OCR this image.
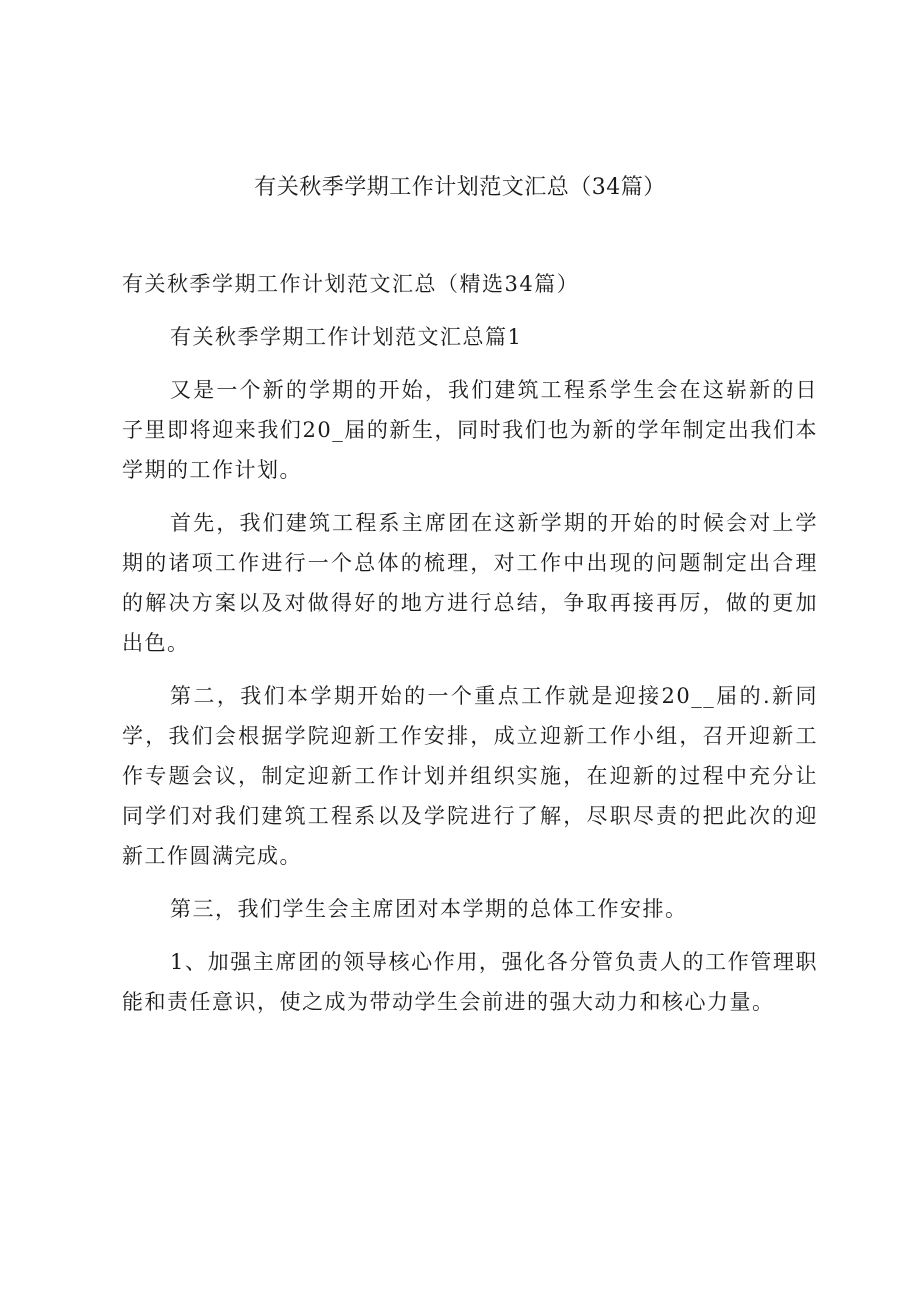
有关秋季学期工作计划范文汇总（34篇）

有关秋季学期工作计划范文汇总（精选34篇）

有关秋季学期工作计划范文汇总篇1

又是一个新的学期的开始，我们建筑工程系学生会在这崭新的日子里即将迎来我们20_届的新生，同时我们也为新的学年制定出我们本学期的工作计划。

首先，我们建筑工程系主席团在这新学期的开始的时候会对上学期的诸项工作进行一个总体的梳理，对工作中出现的问题制定出合理的解决方案以及对做得好的地方进行总结，争取再接再厉，做的更加出色。

第二，我们本学期开始的一个重点工作就是迎接20__届的.新同学，我们会根据学院迎新工作安排，成立迎新工作小组，召开迎新工作专题会议，制定迎新工作计划并组织实施，在迎新的过程中充分让同学们对我们建筑工程系以及学院进行了解，尽职尽责的把此次的迎新工作圆满完成。

第三，我们学生会主席团对本学期的总体工作安排。

1、加强主席团的领导核心作用，强化各分管负责人的工作管理职能和责任意识，使之成为带动学生会前进的强大动力和核心力量。
